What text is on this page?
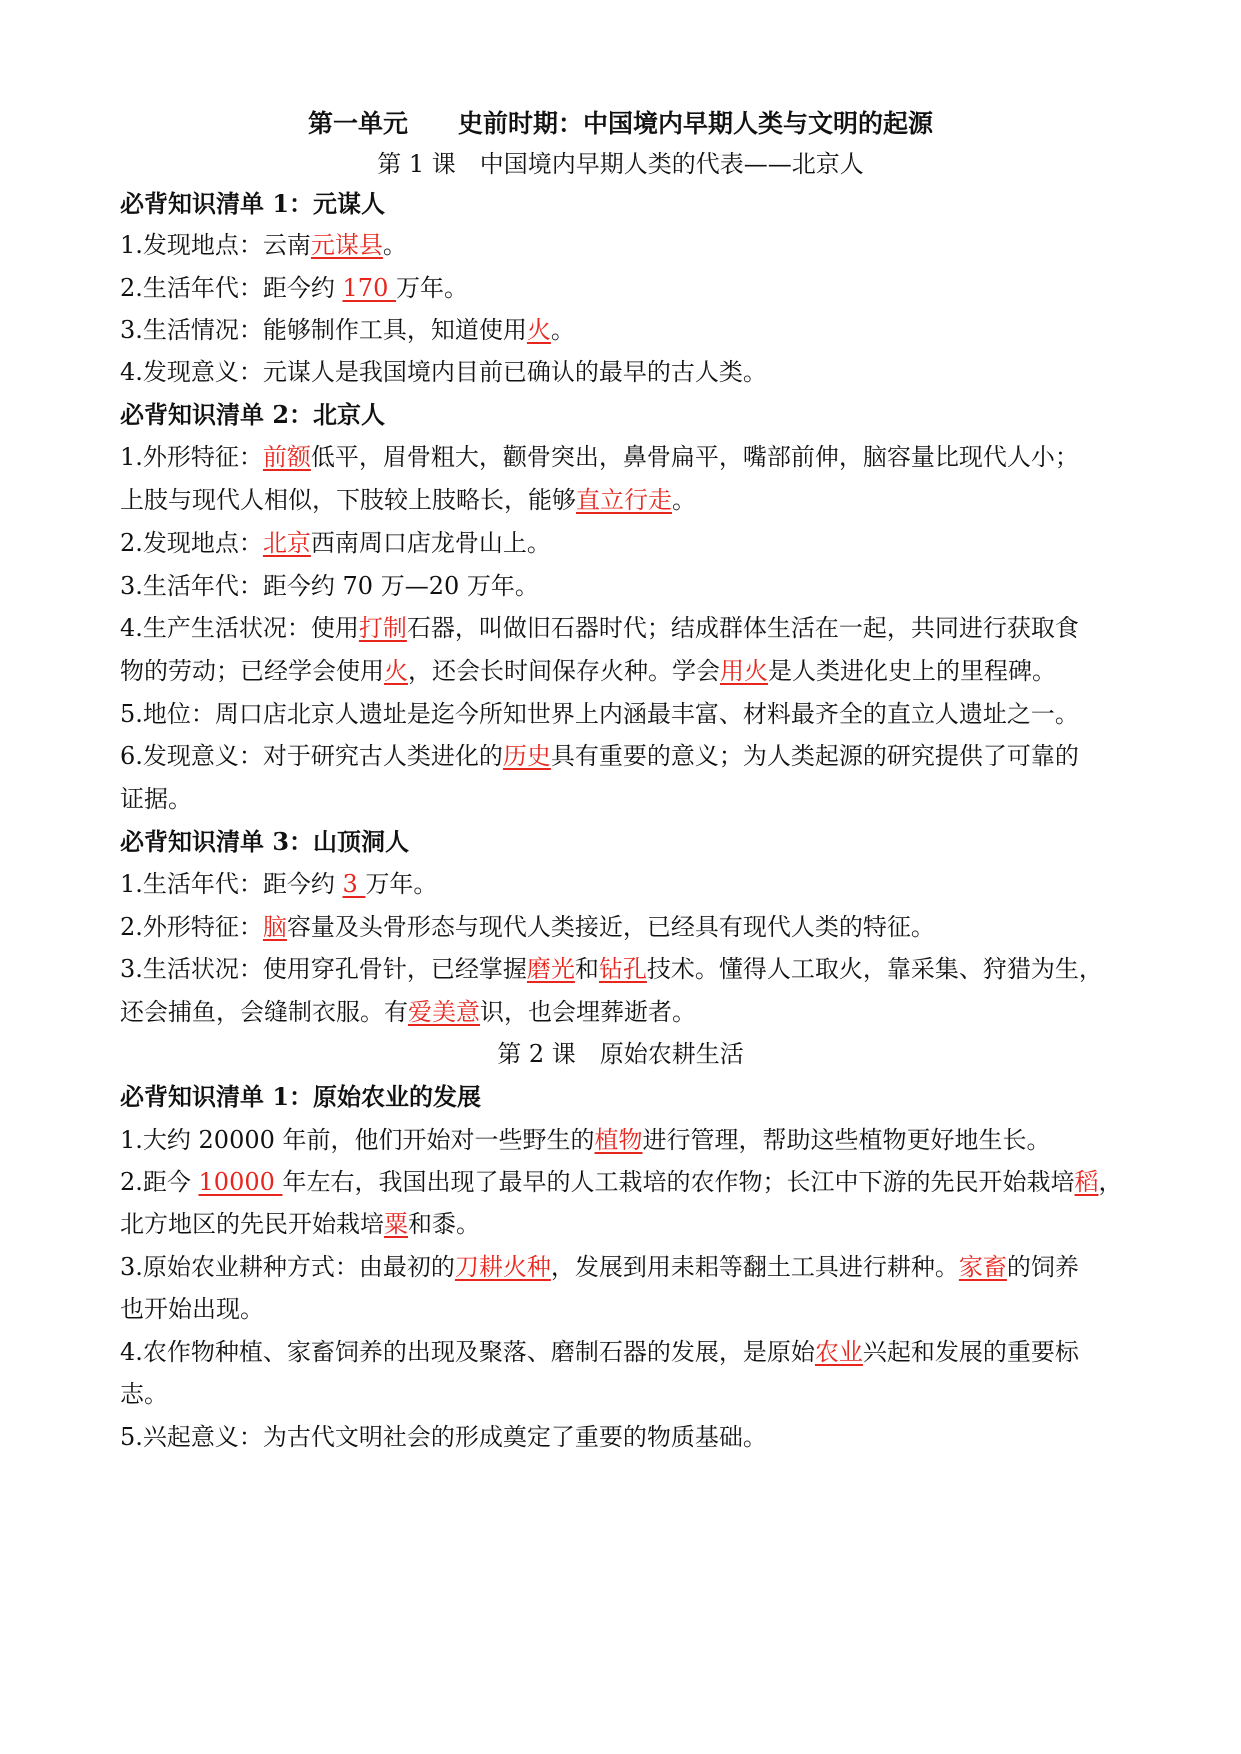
第一单元　　史前时期：中国境内早期人类与文明的起源
第 1 课　中国境内早期人类的代表——北京人
必背知识清单 1：元谋人
1.发现地点：云南元谋县。
2.生活年代：距今约 170 万年。
3.生活情况：能够制作工具，知道使用火。
4.发现意义：元谋人是我国境内目前已确认的最早的古人类。
必背知识清单 2：北京人
1.外形特征：前额低平，眉骨粗大，颧骨突出，鼻骨扁平，嘴部前伸，脑容量比现代人小；
上肢与现代人相似，下肢较上肢略长，能够直立行走。
2.发现地点：北京西南周口店龙骨山上。
3.生活年代：距今约 70 万—20 万年。
4.生产生活状况：使用打制石器，叫做旧石器时代；结成群体生活在一起，共同进行获取食
物的劳动；已经学会使用火，还会长时间保存火种。学会用火是人类进化史上的里程碑。
5.地位：周口店北京人遗址是迄今所知世界上内涵最丰富、材料最齐全的直立人遗址之一。
6.发现意义：对于研究古人类进化的历史具有重要的意义；为人类起源的研究提供了可靠的
证据。
必背知识清单 3：山顶洞人
1.生活年代：距今约 3 万年。
2.外形特征：脑容量及头骨形态与现代人类接近，已经具有现代人类的特征。
3.生活状况：使用穿孔骨针，已经掌握磨光和钻孔技术。懂得人工取火，靠采集、狩猎为生，
还会捕鱼，会缝制衣服。有爱美意识，也会埋葬逝者。
第 2 课　原始农耕生活
必背知识清单 1：原始农业的发展
1.大约 20000 年前，他们开始对一些野生的植物进行管理，帮助这些植物更好地生长。
2.距今 10000 年左右，我国出现了最早的人工栽培的农作物；长江中下游的先民开始栽培稻，
北方地区的先民开始栽培粟和黍。
3.原始农业耕种方式：由最初的刀耕火种，发展到用耒耜等翻土工具进行耕种。家畜的饲养
也开始出现。
4.农作物种植、家畜饲养的出现及聚落、磨制石器的发展，是原始农业兴起和发展的重要标
志。
5.兴起意义：为古代文明社会的形成奠定了重要的物质基础。
